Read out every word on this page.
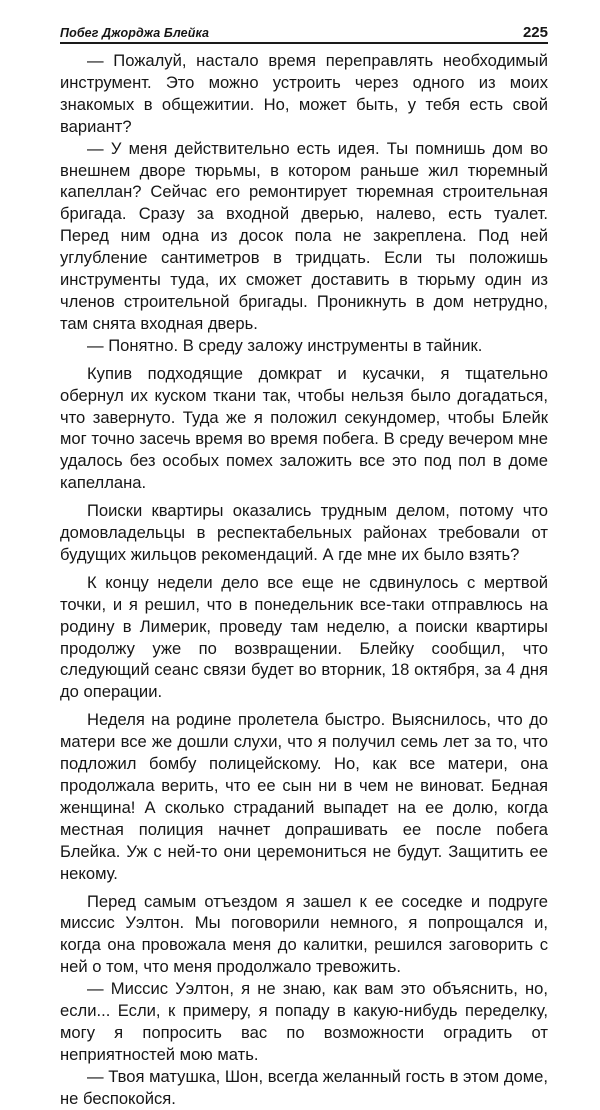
Побег Джорджа Блейка	225

— Пожалуй, настало время переправлять необходимый инструмент. Это можно устроить через одного из моих знакомых в общежитии. Но, может быть, у тебя есть свой вариант?

— У меня действительно есть идея. Ты помнишь дом во внешнем дворе тюрьмы, в котором раньше жил тюремный капеллан? Сейчас его ремонтирует тюремная строительная бригада. Сразу за входной дверью, налево, есть туалет. Перед ним одна из досок пола не закреплена. Под ней углубление сантиметров в тридцать. Если ты положишь инструменты туда, их сможет доставить в тюрьму один из членов строительной бригады. Проникнуть в дом нетрудно, там снята входная дверь.

— Понятно. В среду заложу инструменты в тайник.

Купив подходящие домкрат и кусачки, я тщательно обернул их куском ткани так, чтобы нельзя было догадаться, что завернуто. Туда же я положил секундомер, чтобы Блейк мог точно засечь время во время побега. В среду вечером мне удалось без особых помех заложить все это под пол в доме капеллана.

Поиски квартиры оказались трудным делом, потому что домовладельцы в респектабельных районах требовали от будущих жильцов рекомендаций. А где мне их было взять?

К концу недели дело все еще не сдвинулось с мертвой точки, и я решил, что в понедельник все-таки отправлюсь на родину в Лимерик, проведу там неделю, а поиски квартиры продолжу уже по возвращении. Блейку сообщил, что следующий сеанс связи будет во вторник, 18 октября, за 4 дня до операции.

Неделя на родине пролетела быстро. Выяснилось, что до матери все же дошли слухи, что я получил семь лет за то, что подложил бомбу полицейскому. Но, как все матери, она продолжала верить, что ее сын ни в чем не виноват. Бедная женщина! А сколько страданий выпадет на ее долю, когда местная полиция начнет допрашивать ее после побега Блейка. Уж с ней-то они церемониться не будут. Защитить ее некому.

Перед самым отъездом я зашел к ее соседке и подруге миссис Уэлтон. Мы поговорили немного, я попрощался и, когда она провожала меня до калитки, решился заговорить с ней о том, что меня продолжало тревожить.

— Миссис Уэлтон, я не знаю, как вам это объяснить, но, если... Если, к примеру, я попаду в какую-нибудь переделку, могу я попросить вас по возможности оградить от неприятностей мою мать.

— Твоя матушка, Шон, всегда желанный гость в этом доме, не беспокойся.
